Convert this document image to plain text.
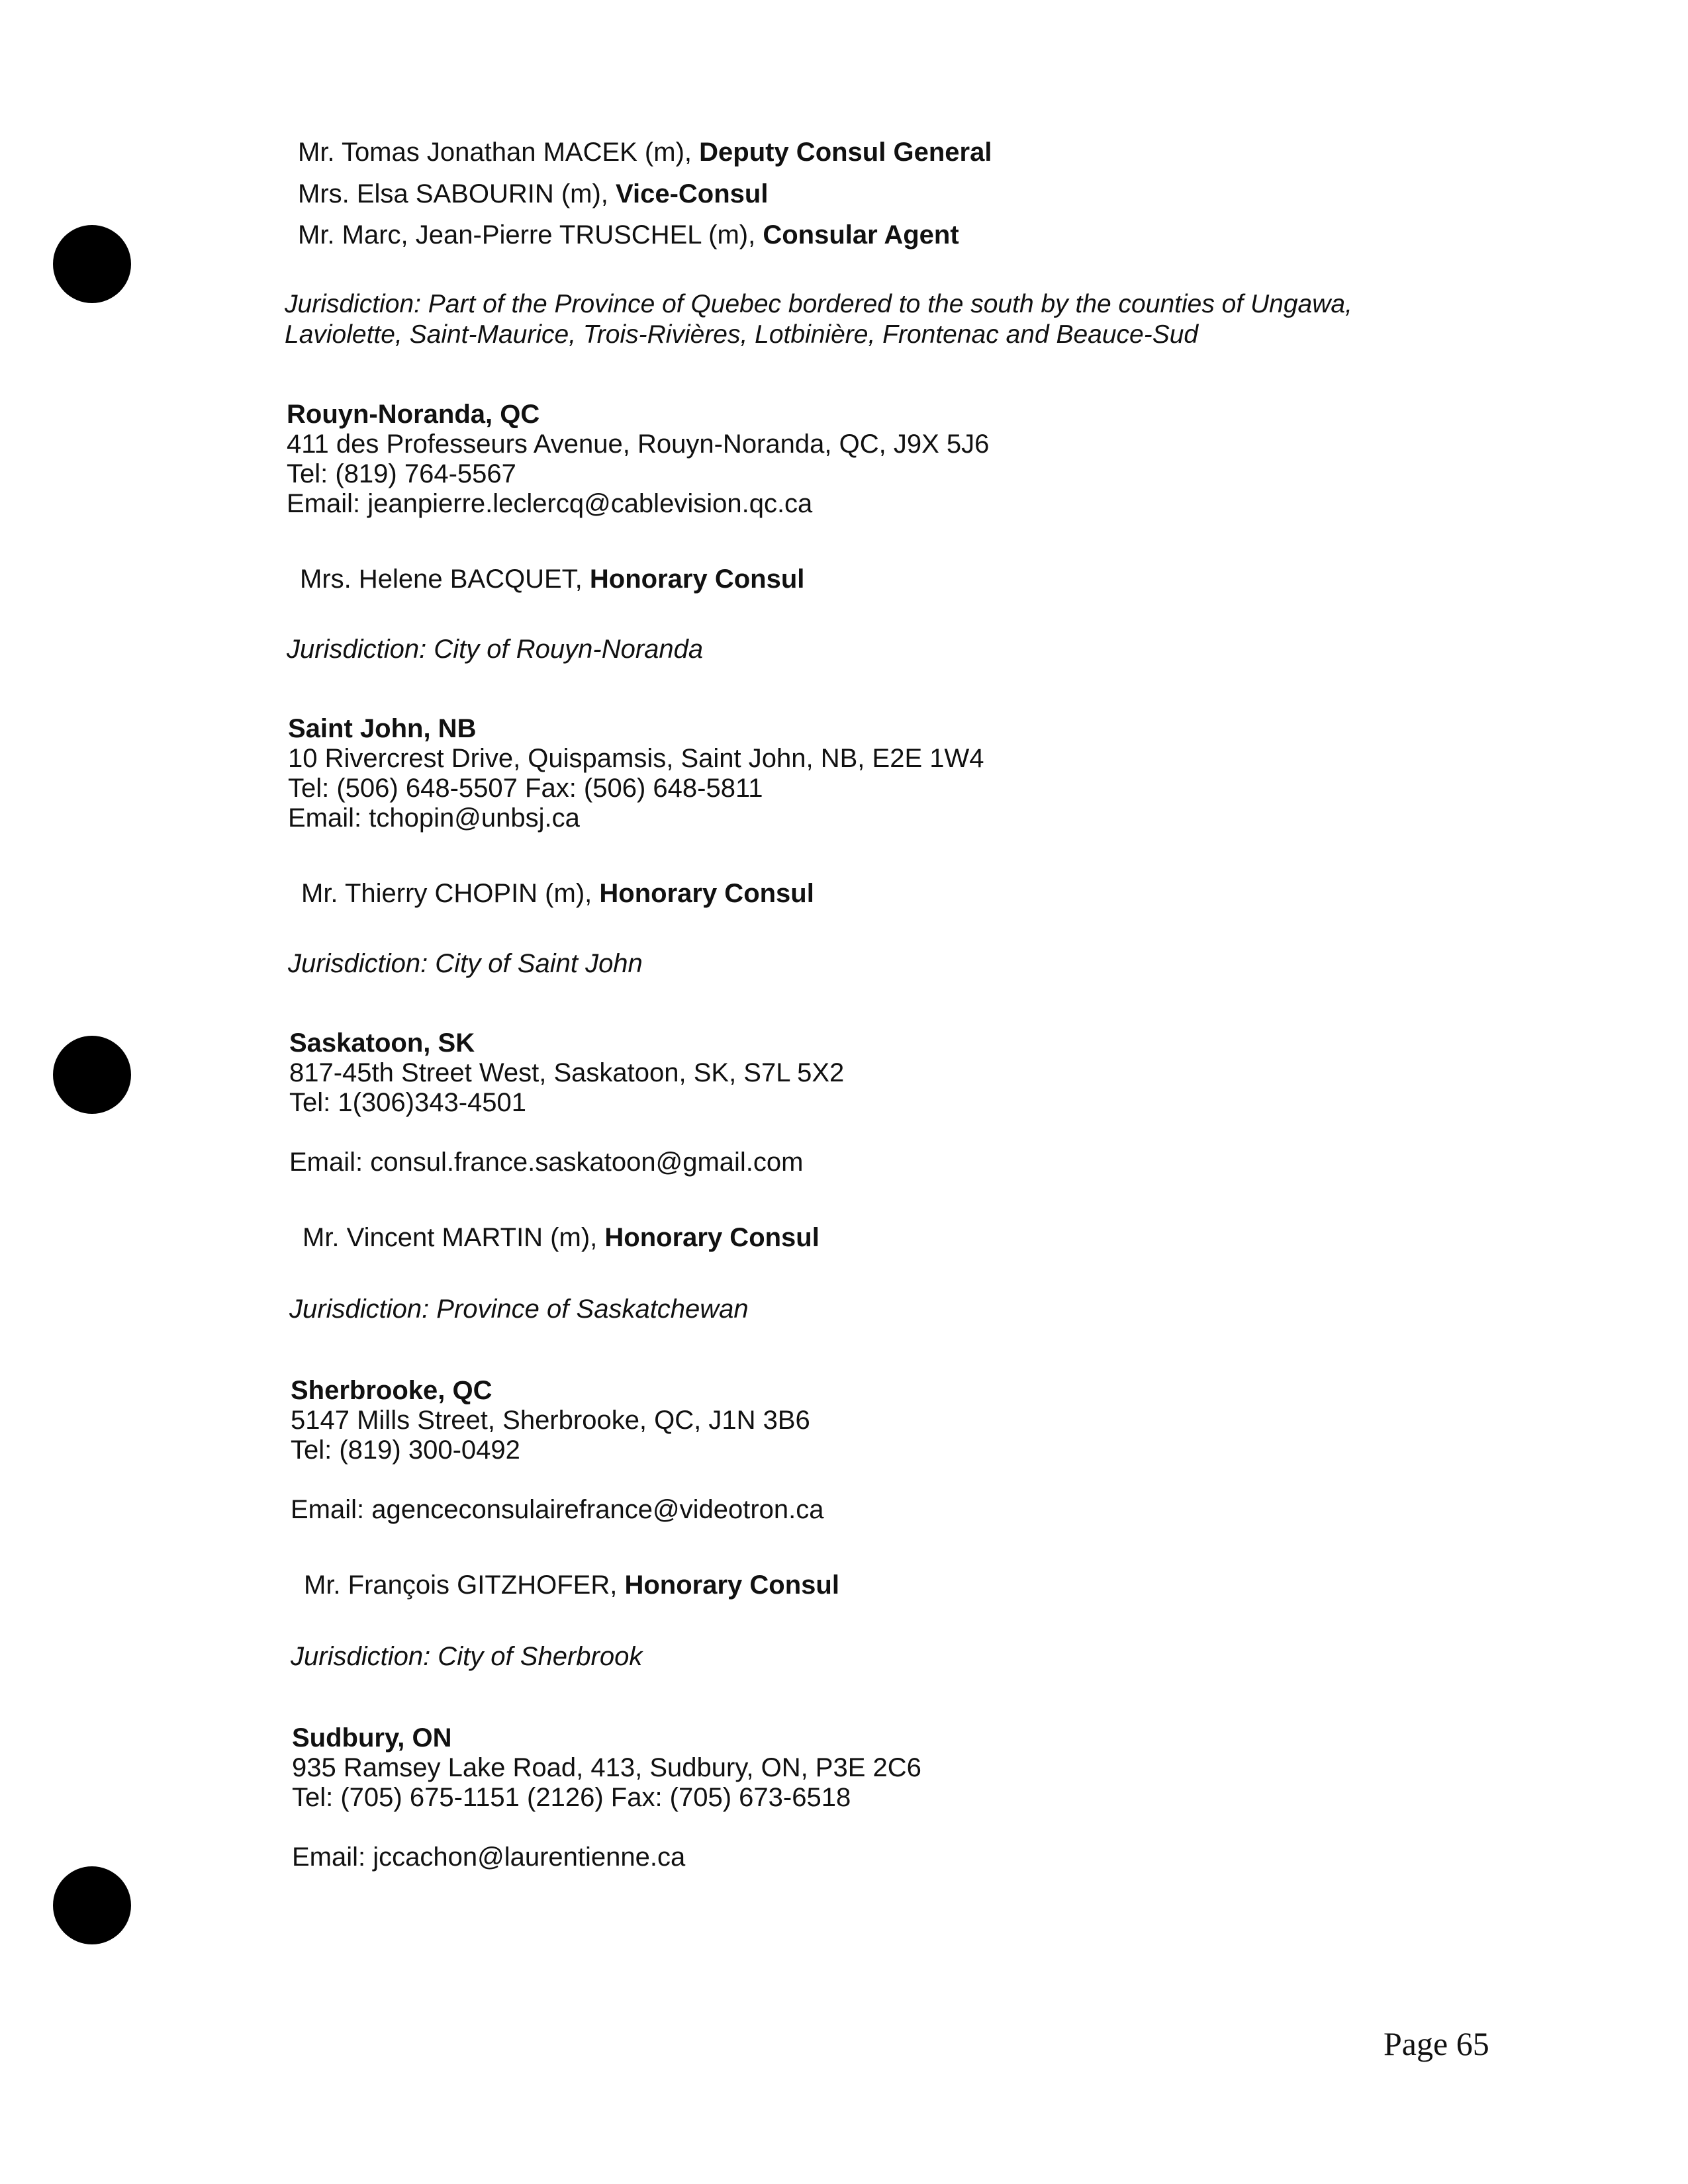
Mr. Tomas Jonathan MACEK (m), Deputy Consul General
Mrs. Elsa SABOURIN (m), Vice-Consul
Mr. Marc, Jean-Pierre TRUSCHEL (m), Consular Agent
Jurisdiction: Part of the Province of Quebec bordered to the south by the counties of Ungawa,
Laviolette, Saint-Maurice, Trois-Rivières, Lotbinière, Frontenac and Beauce-Sud
Rouyn-Noranda, QC
411 des Professeurs Avenue, Rouyn-Noranda, QC, J9X 5J6
Tel: (819) 764-5567
Email: jeanpierre.leclercq@cablevision.qc.ca
Mrs. Helene BACQUET, Honorary Consul
Jurisdiction: City of Rouyn-Noranda
Saint John, NB
10 Rivercrest Drive, Quispamsis, Saint John, NB, E2E 1W4
Tel: (506) 648-5507 Fax: (506) 648-5811
Email: tchopin@unbsj.ca
Mr. Thierry CHOPIN (m), Honorary Consul
Jurisdiction: City of Saint John
Saskatoon, SK
817-45th Street West, Saskatoon, SK, S7L 5X2
Tel: 1(306)343-4501
Email: consul.france.saskatoon@gmail.com
Mr. Vincent MARTIN (m), Honorary Consul
Jurisdiction: Province of Saskatchewan
Sherbrooke, QC
5147 Mills Street, Sherbrooke, QC, J1N 3B6
Tel: (819) 300-0492
Email: agenceconsulairefrance@videotron.ca
Mr. François GITZHOFER, Honorary Consul
Jurisdiction: City of Sherbrook
Sudbury, ON
935 Ramsey Lake Road, 413, Sudbury, ON, P3E 2C6
Tel: (705) 675-1151 (2126) Fax: (705) 673-6518
Email: jccachon@laurentienne.ca
Page 65
